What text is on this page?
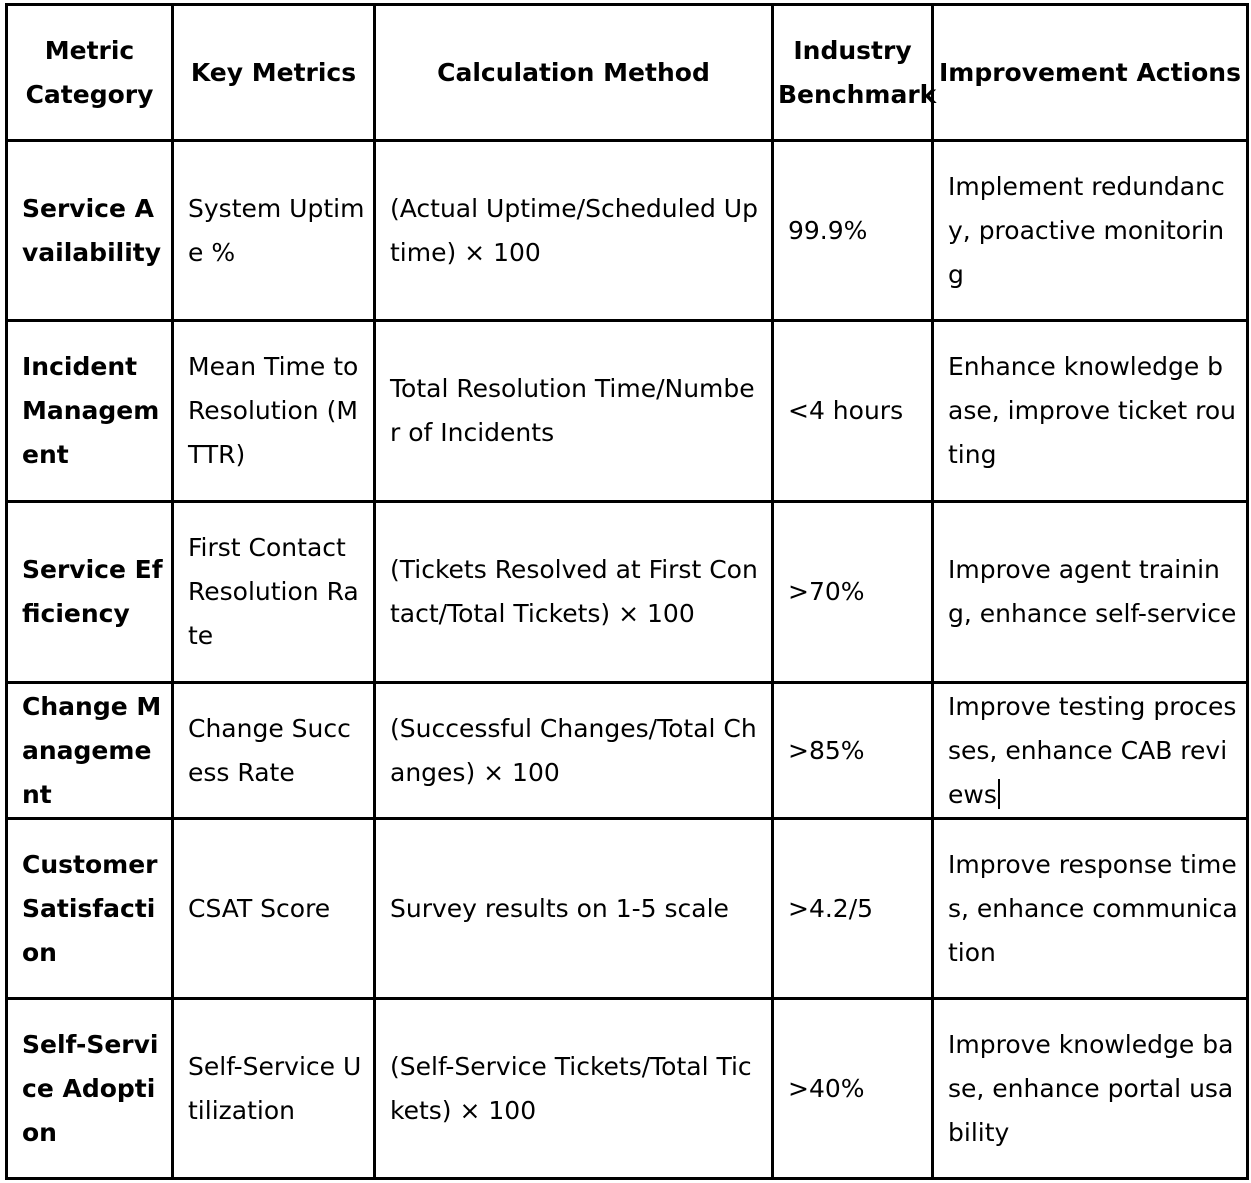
Metric Category	Key Metrics	Calculation Method	Industry Benchmark	Improvement Actions
Service Availability	System Uptime %	(Actual Uptime/Scheduled Uptime) × 100	99.9%	Implement redundancy, proactive monitoring
Incident Management	Mean Time to Resolution (MTTR)	Total Resolution Time/Number of Incidents	<4 hours	Enhance knowledge base, improve ticket routing
Service Efficiency	First Contact Resolution Rate	(Tickets Resolved at First Contact/Total Tickets) × 100	>70%	Improve agent training, enhance self-service
Change Management	Change Success Rate	(Successful Changes/Total Changes) × 100	>85%	Improve testing processes, enhance CAB reviews
Customer Satisfaction	CSAT Score	Survey results on 1-5 scale	>4.2/5	Improve response times, enhance communication
Self-Service Adoption	Self-Service Utilization	(Self-Service Tickets/Total Tickets) × 100	>40%	Improve knowledge base, enhance portal usability
